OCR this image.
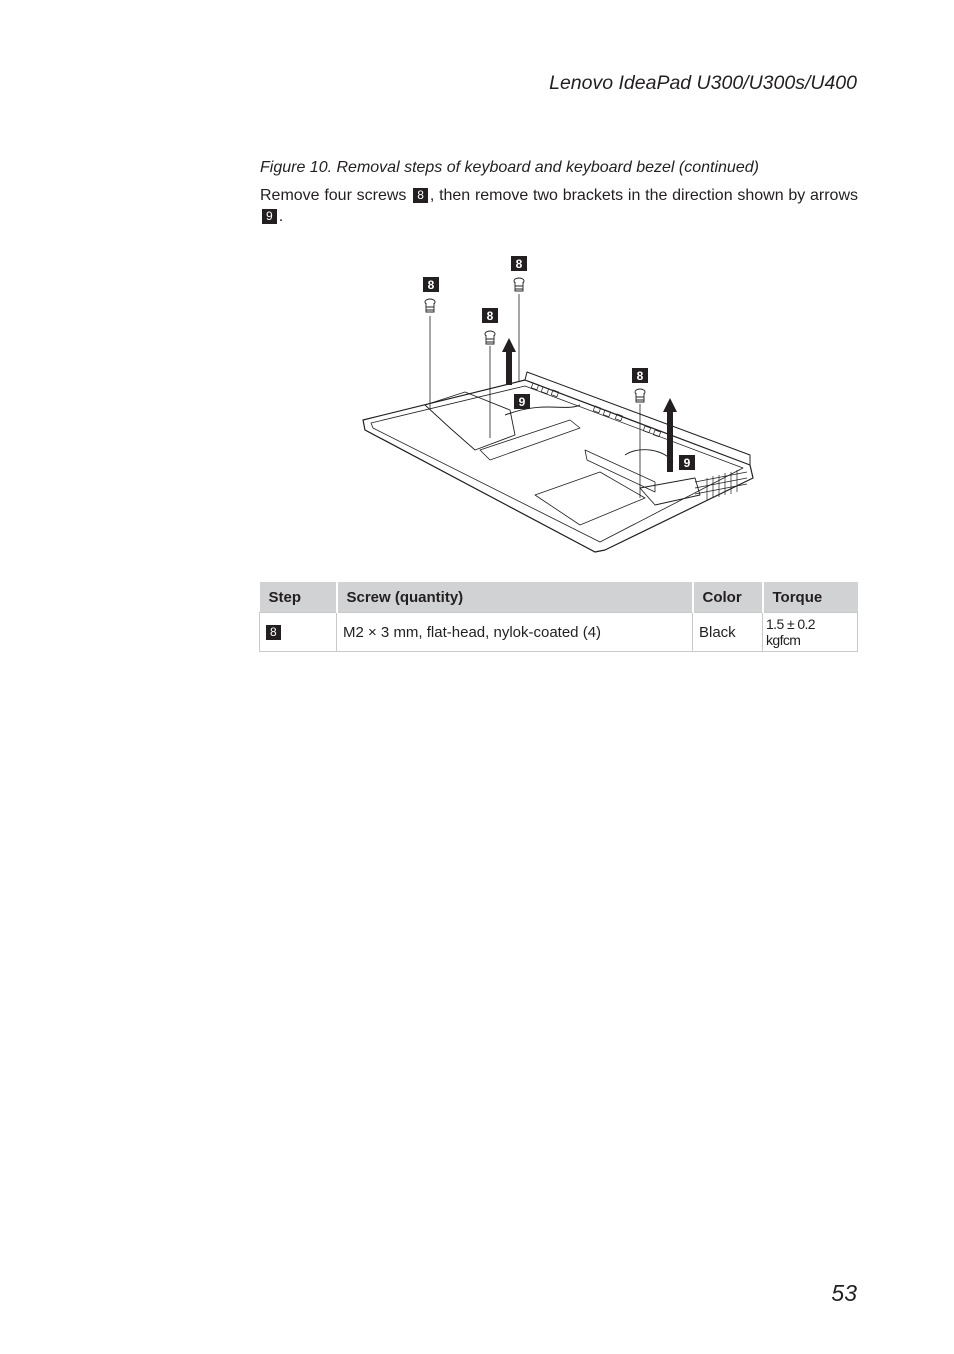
Lenovo IdeaPad U300/U300s/U400
Figure 10. Removal steps of keyboard and keyboard bezel (continued)
Remove four screws 8 , then remove two brackets in the direction shown by arrows 9 .
8
8
8
8
9
9
Step	Screw (quantity)	Color	Torque
8	M2 × 3 mm, flat-head, nylok-coated (4)	Black	1.5 ± 0.2 kgfcm
53
